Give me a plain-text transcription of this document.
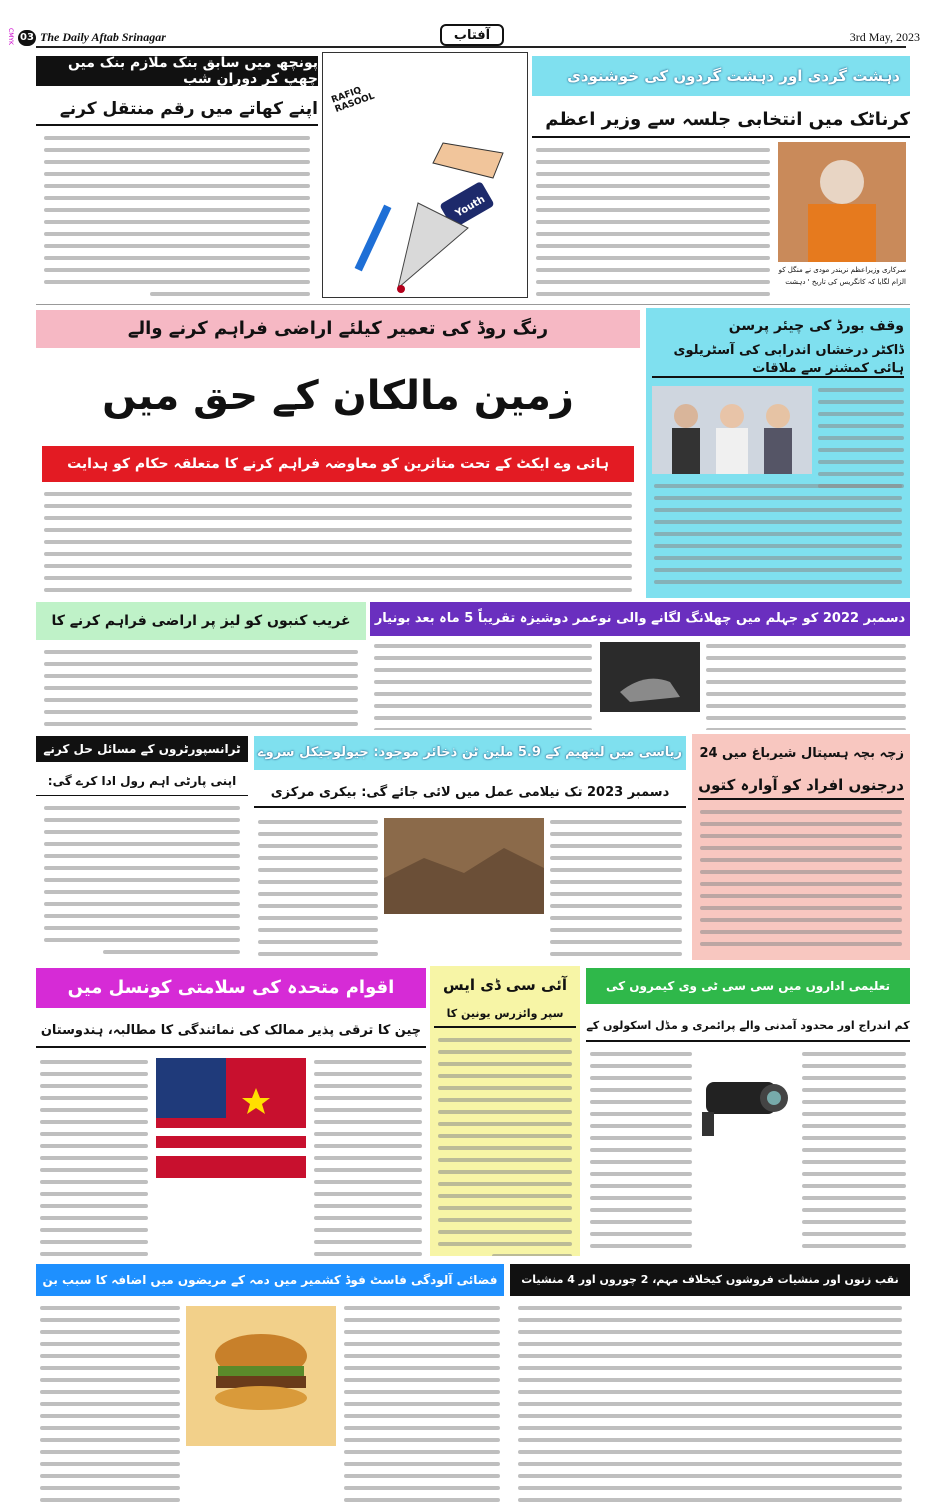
CMYK 03 The Daily Aftab Srinagar	آفتاب	3rd May, 2023
پونچھ میں سابق بنک ملازم بنک میں چھپ کر دوران شب
اپنے کھاتے میں رقم منتقل کرنے
RAFIQ RASOOL
Youth
دہشت گردی اور دہشت گردوں کی خوشنودی
کرناٹک میں انتخابی جلسہ سے وزیر اعظم
سرکاری وزیراعظم نریندر مودی نے منگل کو الزام لگایا کہ کانگریس کی تاریخ ' دہشت
رنگ روڈ کی تعمیر کیلئے اراضی فراہم کرنے والے
زمین مالکان کے حق میں
ہائی وے ایکٹ کے تحت متاثرین کو معاوضہ فراہم کرنے کا متعلقہ حکام کو ہدایت
وقف بورڈ کی چیئر پرسن
ڈاکٹر درخشاں اندرابی کی آسٹریلوی ہائی کمشنر سے ملاقات
غریب کنبوں کو لیز پر اراضی فراہم کرنے کا	دسمبر 2022 کو جہلم میں چھلانگ لگانے والی نوعمر دوشیزہ تقریباً 5 ماہ بعد بونیار
ٹرانسپورٹروں کے مسائل حل کرنے
اپنی پارٹی اہم رول ادا کرے گی:
ریاسی میں لیتھیم کے 5.9 ملین ٹن ذخائر موجود: جیولوجیکل سروے
دسمبر 2023 تک نیلامی عمل میں لائی جائے گی: بیکری مرکزی
زچہ بچہ ہسپتال شیرباغ میں 24
درجنوں افراد کو آوارہ کتوں
اقوام متحدہ کی سلامتی کونسل میں
چین کا ترقی پذیر ممالک کی نمائندگی کا مطالبہ، ہندوستان
آئی سی ڈی ایس
سپر وائزرس یونین کا
تعلیمی اداروں میں سی سی ٹی وی کیمروں کی
کم اندراج اور محدود آمدنی والے پرائمری و مڈل اسکولوں کے
فضائی آلودگی فاسٹ فوڈ کشمیر میں دمہ کے مریضوں میں اضافہ کا سبب بن	نقب زنوں اور منشیات فروشوں کیخلاف مہم، 2 چوروں اور 4 منشیات
